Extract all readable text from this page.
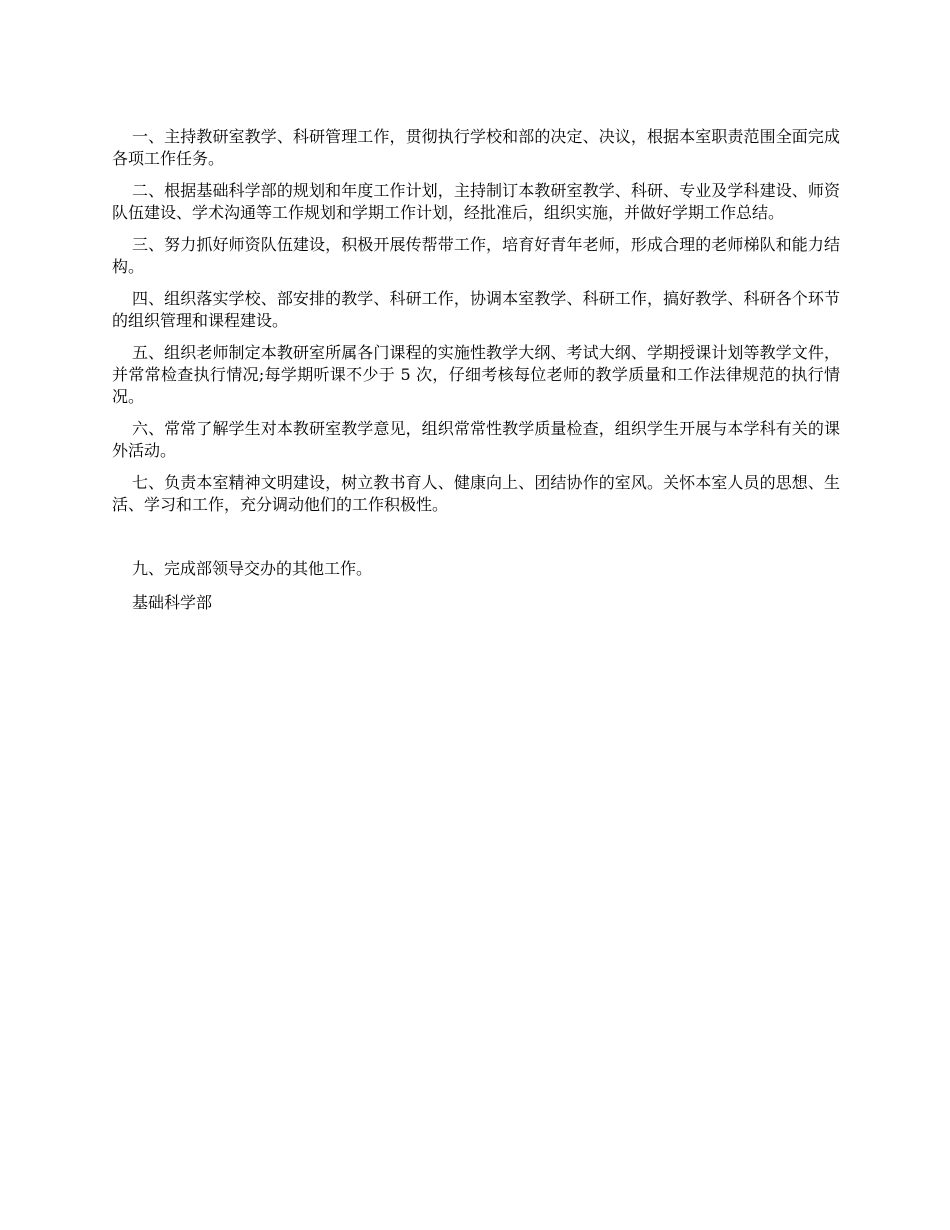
一、主持教研室教学、科研管理工作，贯彻执行学校和部的决定、决议，根据本室职责范围全面完成各项工作任务。

二、根据基础科学部的规划和年度工作计划，主持制订本教研室教学、科研、专业及学科建设、师资队伍建设、学术沟通等工作规划和学期工作计划，经批准后，组织实施，并做好学期工作总结。

三、努力抓好师资队伍建设，积极开展传帮带工作，培育好青年老师，形成合理的老师梯队和能力结构。

四、组织落实学校、部安排的教学、科研工作，协调本室教学、科研工作，搞好教学、科研各个环节的组织管理和课程建设。

五、组织老师制定本教研室所属各门课程的实施性教学大纲、考试大纲、学期授课计划等教学文件，并常常检查执行情况;每学期听课不少于 5 次，仔细考核每位老师的教学质量和工作法律规范的执行情况。

六、常常了解学生对本教研室教学意见，组织常常性教学质量检查，组织学生开展与本学科有关的课外活动。

七、负责本室精神文明建设，树立教书育人、健康向上、团结协作的室风。关怀本室人员的思想、生活、学习和工作，充分调动他们的工作积极性。

九、完成部领导交办的其他工作。

基础科学部
